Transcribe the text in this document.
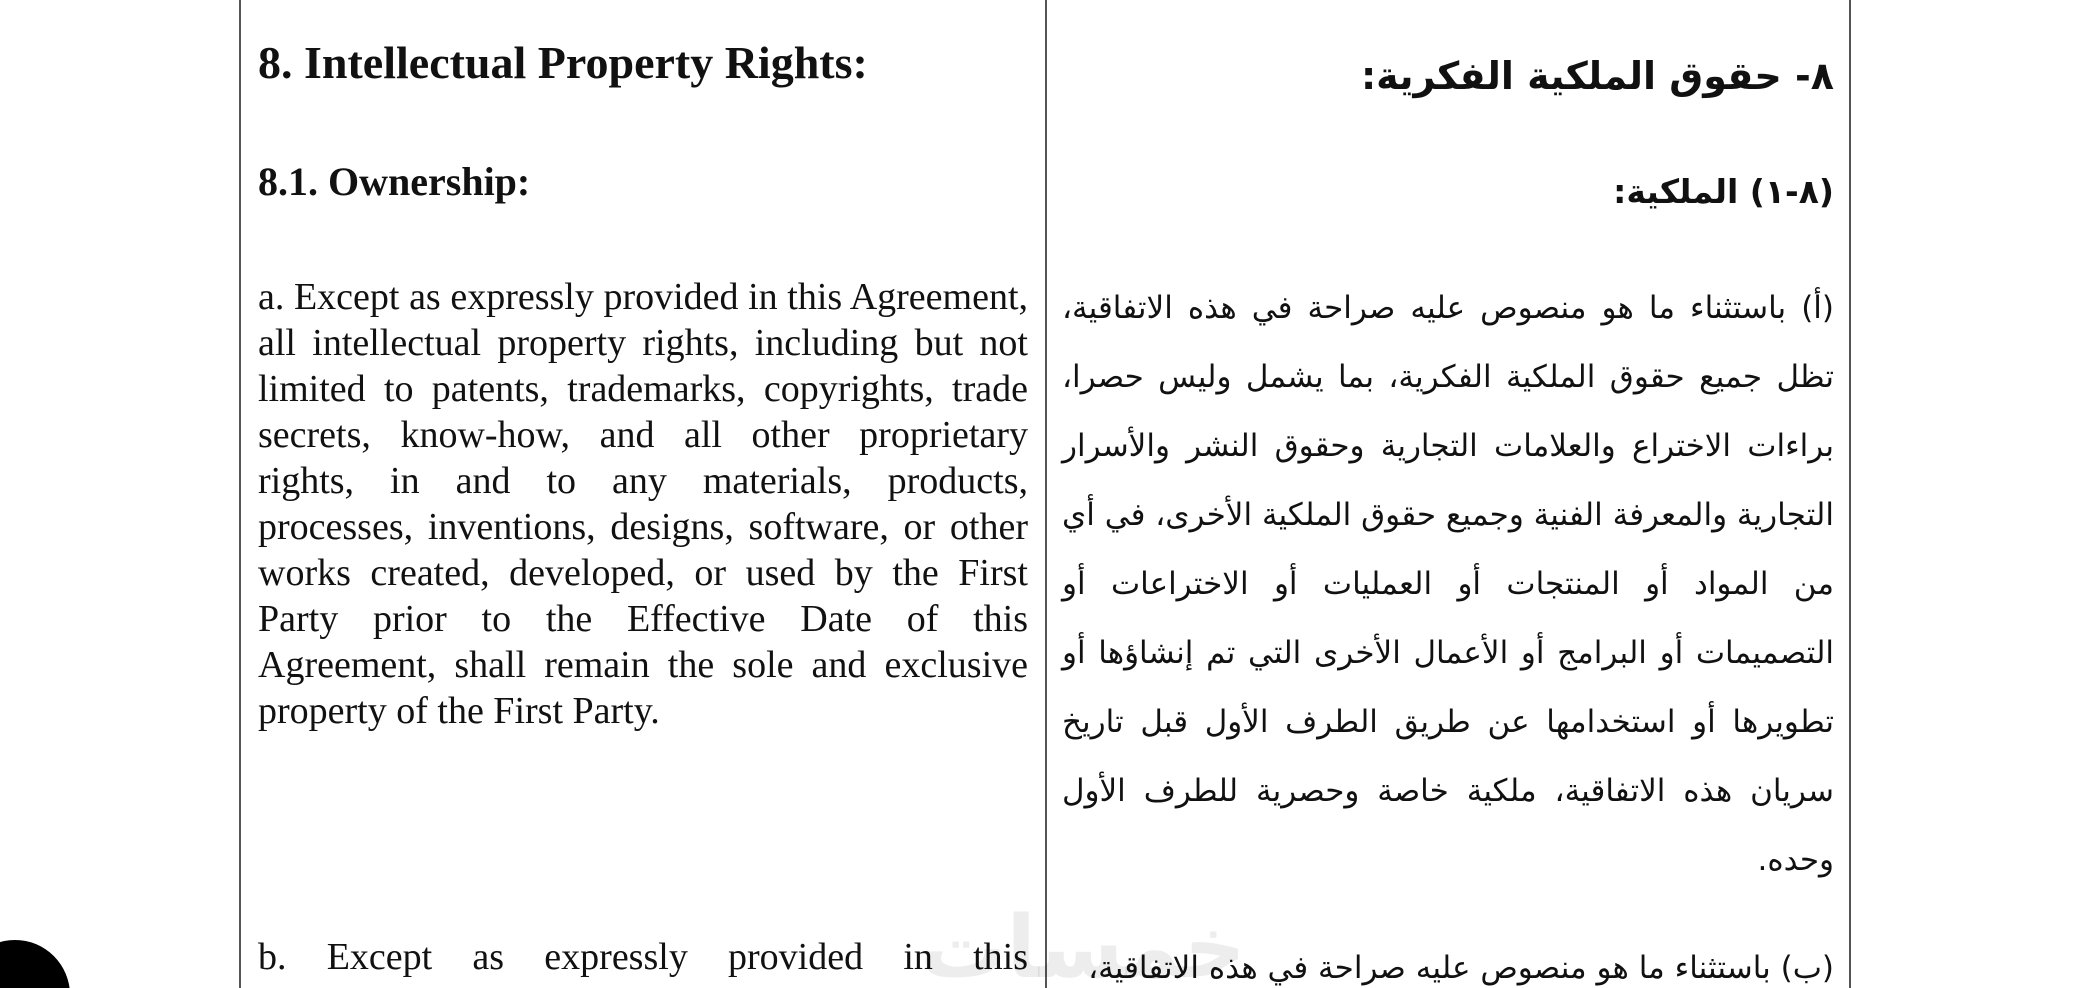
8. Intellectual Property Rights:
8.1. Ownership:

a. Except as expressly provided in this Agreement, all intellectual property rights, including but not limited to patents, trademarks, copyrights, trade secrets, know-how, and all other proprietary rights, in and to any materials, products, processes, inventions, designs, software, or other works created, developed, or used by the First Party prior to the Effective Date of this Agreement, shall remain the sole and exclusive property of the First Party.

b. Except as expressly provided in this

٨- حقوق الملكية الفكرية:
(٨-١) الملكية:

(أ) باستثناء ما هو منصوص عليه صراحة في هذه الاتفاقية، تظل جميع حقوق الملكية الفكرية، بما يشمل وليس حصرا، براءات الاختراع والعلامات التجارية وحقوق النشر والأسرار التجارية والمعرفة الفنية وجميع حقوق الملكية الأخرى، في أي من المواد أو المنتجات أو العمليات أو الاختراعات أو التصميمات أو البرامج أو الأعمال الأخرى التي تم إنشاؤها أو تطويرها أو استخدامها عن طريق الطرف الأول قبل تاريخ سريان هذه الاتفاقية، ملكية خاصة وحصرية للطرف الأول وحده.

(ب) باستثناء ما هو منصوص عليه صراحة في هذه الاتفاقية،

خمسات
